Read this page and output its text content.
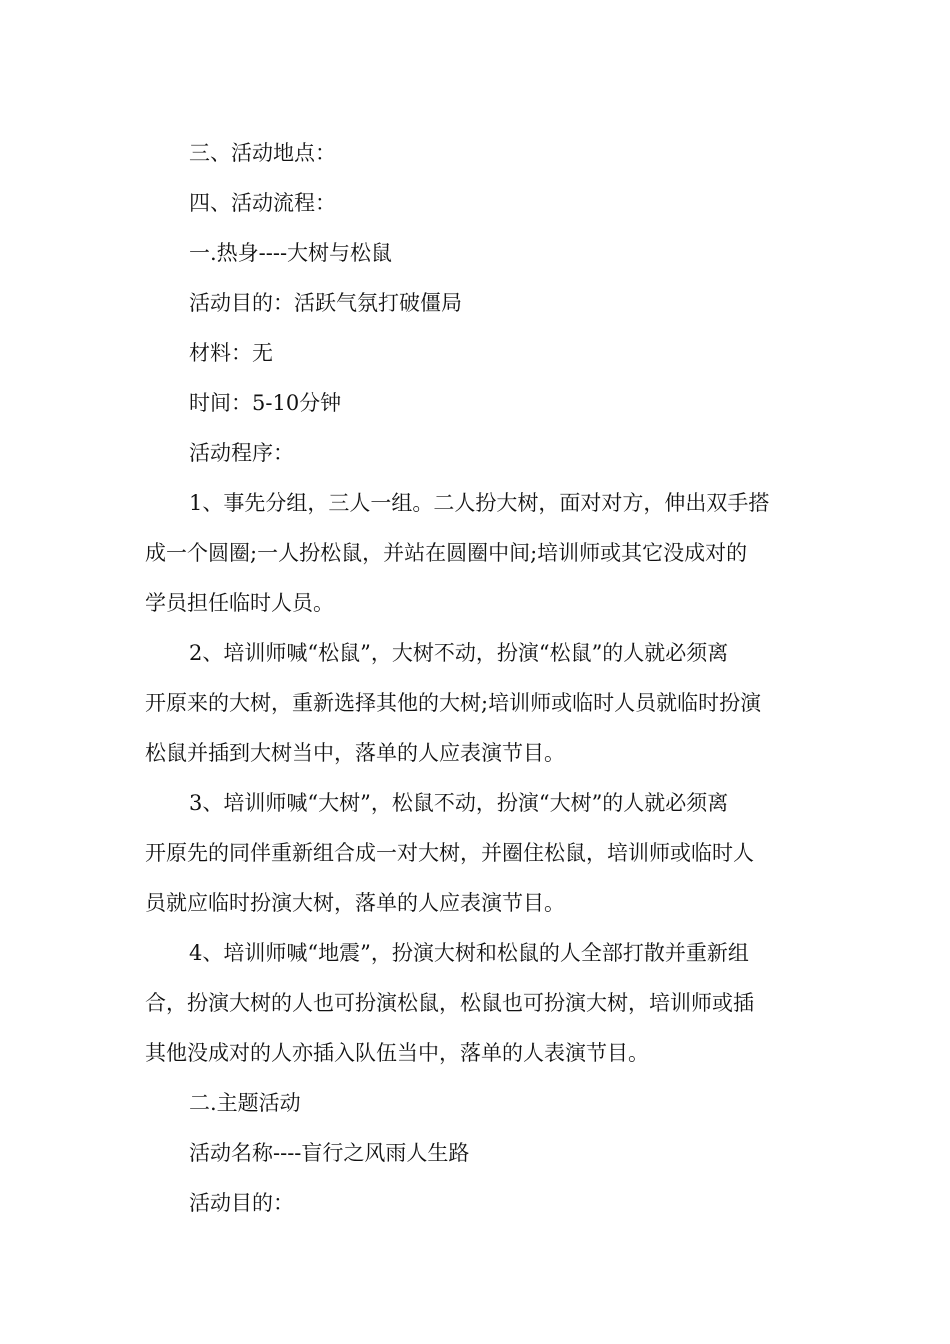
三、活动地点：

四、活动流程：

一.热身----大树与松鼠

活动目的：活跃气氛打破僵局

材料：无

时间：5-10分钟

活动程序：

1、事先分组，三人一组。二人扮大树，面对对方，伸出双手搭
成一个圆圈;一人扮松鼠，并站在圆圈中间;培训师或其它没成对的
学员担任临时人员。
2、培训师喊“松鼠”，大树不动，扮演“松鼠”的人就必须离
开原来的大树，重新选择其他的大树;培训师或临时人员就临时扮演
松鼠并插到大树当中，落单的人应表演节目。
3、培训师喊“大树”，松鼠不动，扮演“大树”的人就必须离
开原先的同伴重新组合成一对大树，并圈住松鼠，培训师或临时人
员就应临时扮演大树，落单的人应表演节目。
4、培训师喊“地震”，扮演大树和松鼠的人全部打散并重新组
合，扮演大树的人也可扮演松鼠，松鼠也可扮演大树，培训师或插
其他没成对的人亦插入队伍当中，落单的人表演节目。

二.主题活动

活动名称----盲行之风雨人生路

活动目的：
